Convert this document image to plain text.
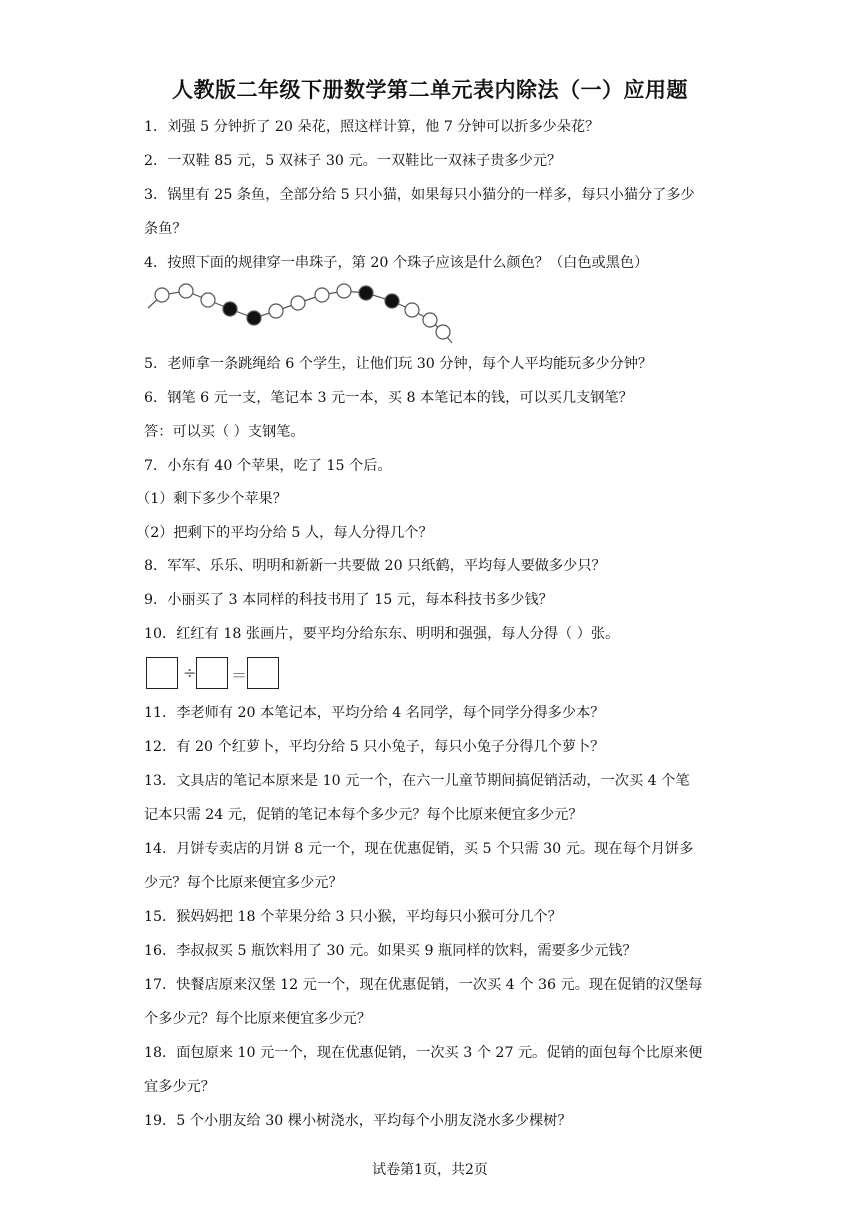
人教版二年级下册数学第二单元表内除法（一）应用题
1．刘强 5 分钟折了 20 朵花，照这样计算，他 7 分钟可以折多少朵花？
2．一双鞋 85 元，5 双袜子 30 元。一双鞋比一双袜子贵多少元？
3．锅里有 25 条鱼，全部分给 5 只小猫，如果每只小猫分的一样多，每只小猫分了多少
条鱼？
4．按照下面的规律穿一串珠子，第 20 个珠子应该是什么颜色？（白色或黑色）
5．老师拿一条跳绳给 6 个学生，让他们玩 30 分钟，每个人平均能玩多少分钟？
6．钢笔 6 元一支，笔记本 3 元一本，买 8 本笔记本的钱，可以买几支钢笔？
答：可以买（ ）支钢笔。
7．小东有 40 个苹果，吃了 15 个后。
（1）剩下多少个苹果？
（2）把剩下的平均分给 5 人，每人分得几个？
8．军军、乐乐、明明和新新一共要做 20 只纸鹤，平均每人要做多少只？
9．小丽买了 3 本同样的科技书用了 15 元，每本科技书多少钱？
10．红红有 18 张画片，要平均分给东东、明明和强强，每人分得（ ）张。
÷ ＝
11．李老师有 20 本笔记本，平均分给 4 名同学，每个同学分得多少本？
12．有 20 个红萝卜，平均分给 5 只小兔子，每只小兔子分得几个萝卜？
13．文具店的笔记本原来是 10 元一个，在六一儿童节期间搞促销活动，一次买 4 个笔
记本只需 24 元，促销的笔记本每个多少元？每个比原来便宜多少元？
14．月饼专卖店的月饼 8 元一个，现在优惠促销，买 5 个只需 30 元。现在每个月饼多
少元？每个比原来便宜多少元？
15．猴妈妈把 18 个苹果分给 3 只小猴，平均每只小猴可分几个？
16．李叔叔买 5 瓶饮料用了 30 元。如果买 9 瓶同样的饮料，需要多少元钱？
17．快餐店原来汉堡 12 元一个，现在优惠促销，一次买 4 个 36 元。现在促销的汉堡每
个多少元？每个比原来便宜多少元？
18．面包原来 10 元一个，现在优惠促销，一次买 3 个 27 元。促销的面包每个比原来便
宜多少元？
19．5 个小朋友给 30 棵小树浇水，平均每个小朋友浇水多少棵树？
试卷第1页，共2页
